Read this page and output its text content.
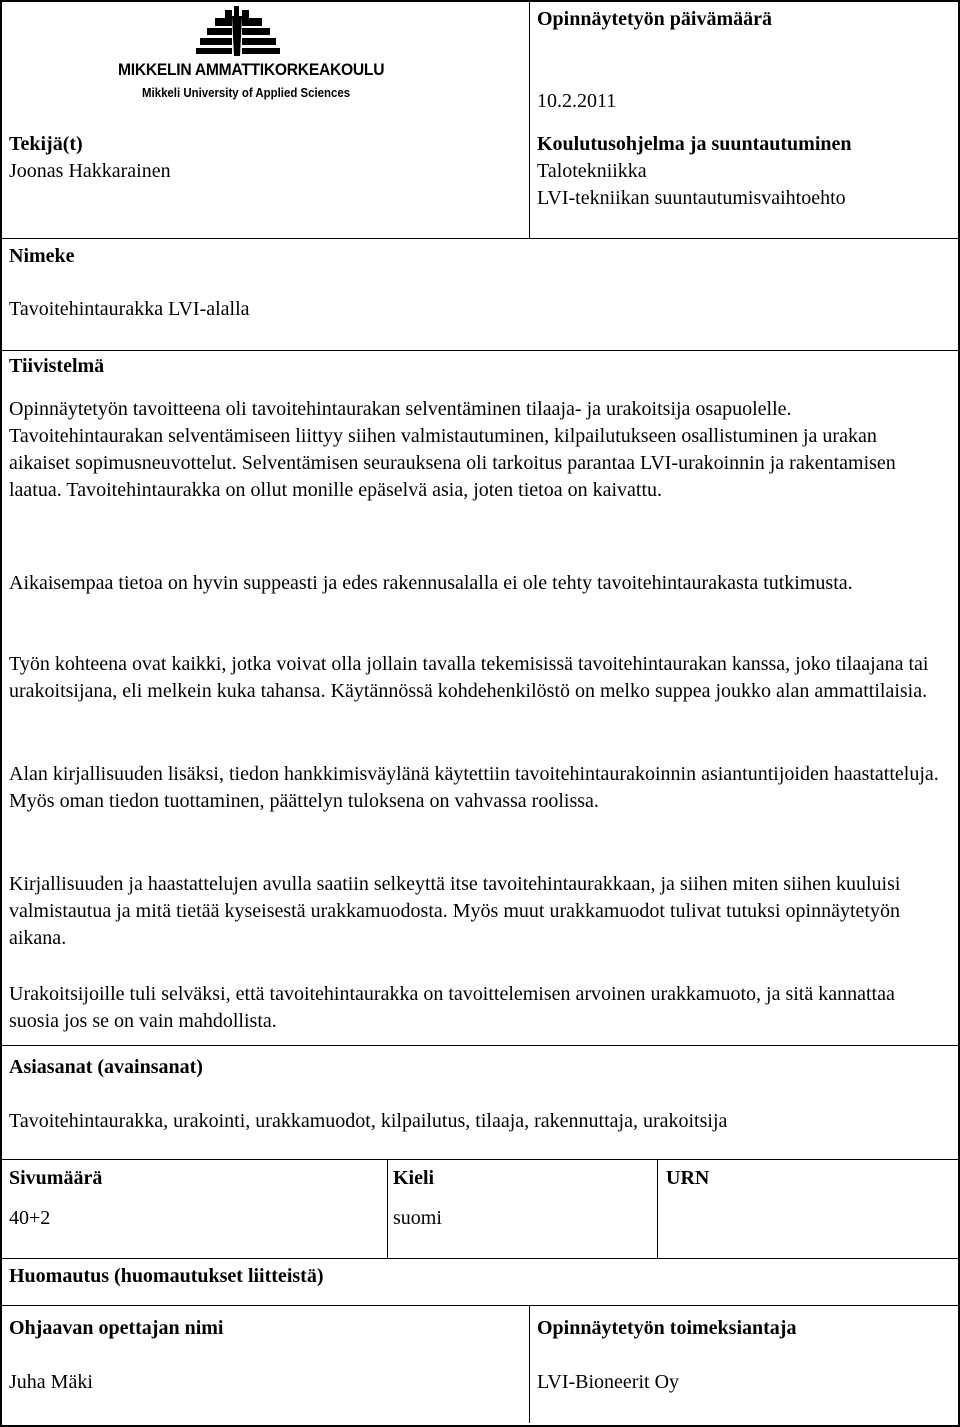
MIKKELIN AMMATTIKORKEAKOULU
Mikkeli University of Applied Sciences
Opinnäytetyön päivämäärä
10.2.2011
Tekijä(t)
Joonas Hakkarainen
Koulutusohjelma ja suuntautuminen
Talotekniikka
LVI-tekniikan suuntautumisvaihtoehto
Nimeke
Tavoitehintaurakka LVI-alalla
Tiivistelmä
Opinnäytetyön tavoitteena oli tavoitehintaurakan selventäminen tilaaja- ja urakoitsija osapuolelle. Tavoitehintaurakan selventämiseen liittyy siihen valmistautuminen, kilpailutukseen osallistuminen ja urakan aikaiset sopimusneuvottelut. Selventämisen seurauksena oli tarkoitus parantaa LVI-urakoinnin ja rakentamisen laatua. Tavoitehintaurakka on ollut monille epäselvä asia, joten tietoa on kaivattu.
Aikaisempaa tietoa on hyvin suppeasti ja edes rakennusalalla ei ole tehty tavoitehintaurakasta tutkimusta.
Työn kohteena ovat kaikki, jotka voivat olla jollain tavalla tekemisissä tavoitehintaurakan kanssa, joko tilaajana tai urakoitsijana, eli melkein kuka tahansa. Käytännössä kohdehenkilöstö on melko suppea joukko alan ammattilaisia.
Alan kirjallisuuden lisäksi, tiedon hankkimisväylänä käytettiin tavoitehintaurakoinnin asiantuntijoiden haastatteluja. Myös oman tiedon tuottaminen, päättelyn tuloksena on vahvassa roolissa.
Kirjallisuuden ja haastattelujen avulla saatiin selkeyttä itse tavoitehintaurakkaan, ja siihen miten siihen kuuluisi valmistautua ja mitä tietää kyseisestä urakkamuodosta. Myös muut urakkamuodot tulivat tutuksi opinnäytetyön aikana.
Urakoitsijoille tuli selväksi, että tavoitehintaurakka on tavoittelemisen arvoinen urakkamuoto, ja sitä kannattaa suosia jos se on vain mahdollista.
Asiasanat (avainsanat)
Tavoitehintaurakka, urakointi, urakkamuodot, kilpailutus, tilaaja, rakennuttaja, urakoitsija
Sivumäärä
40+2
Kieli
suomi
URN
Huomautus (huomautukset liitteistä)
Ohjaavan opettajan nimi
Juha Mäki
Opinnäytetyön toimeksiantaja
LVI-Bioneerit Oy
